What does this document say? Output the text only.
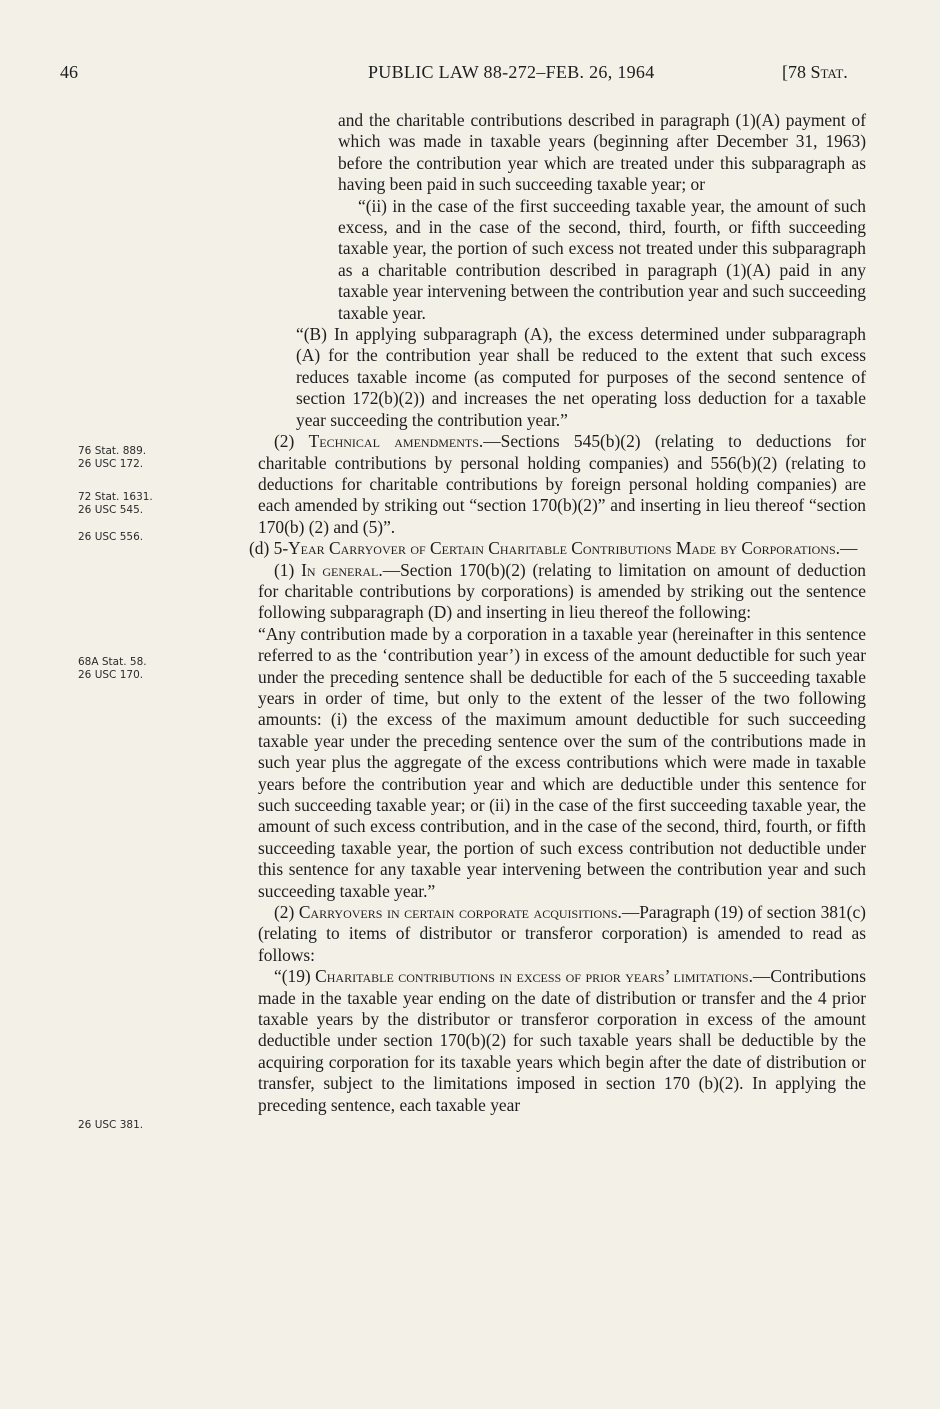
46	PUBLIC LAW 88-272–FEB. 26, 1964	[78 Stat.

and the charitable contributions described in paragraph (1)(A) payment of which was made in taxable years (beginning after December 31, 1963) before the contribution year which are treated under this subparagraph as having been paid in such succeeding taxable year; or

“(ii) in the case of the first succeeding taxable year, the amount of such excess, and in the case of the second, third, fourth, or fifth succeeding taxable year, the portion of such excess not treated under this subparagraph as a charitable contribution described in paragraph (1)(A) paid in any taxable year intervening between the contribution year and such succeeding taxable year.

“(B) In applying subparagraph (A), the excess determined under subparagraph (A) for the contribution year shall be reduced to the extent that such excess reduces taxable income (as computed for purposes of the second sentence of section 172(b)(2)) and increases the net operating loss deduction for a taxable year succeeding the contribution year.”

(2) Technical amendments.—Sections 545(b)(2) (relating to deductions for charitable contributions by personal holding companies) and 556(b)(2) (relating to deductions for charitable contributions by foreign personal holding companies) are each amended by striking out “section 170(b)(2)” and inserting in lieu thereof “section 170(b) (2) and (5)”.

(d) 5-Year Carryover of Certain Charitable Contributions Made by Corporations.—

(1) In general.—Section 170(b)(2) (relating to limitation on amount of deduction for charitable contributions by corporations) is amended by striking out the sentence following subparagraph (D) and inserting in lieu thereof the following:

“Any contribution made by a corporation in a taxable year (hereinafter in this sentence referred to as the ‘contribution year’) in excess of the amount deductible for such year under the preceding sentence shall be deductible for each of the 5 succeeding taxable years in order of time, but only to the extent of the lesser of the two following amounts: (i) the excess of the maximum amount deductible for such succeeding taxable year under the preceding sentence over the sum of the contributions made in such year plus the aggregate of the excess contributions which were made in taxable years before the contribution year and which are deductible under this sentence for such succeeding taxable year; or (ii) in the case of the first succeeding taxable year, the amount of such excess contribution, and in the case of the second, third, fourth, or fifth succeeding taxable year, the portion of such excess contribution not deductible under this sentence for any taxable year intervening between the contribution year and such succeeding taxable year.”

(2) Carryovers in certain corporate acquisitions.—Paragraph (19) of section 381(c) (relating to items of distributor or transferor corporation) is amended to read as follows:

“(19) Charitable contributions in excess of prior years’ limitations.—Contributions made in the taxable year ending on the date of distribution or transfer and the 4 prior taxable years by the distributor or transferor corporation in excess of the amount deductible under section 170(b)(2) for such taxable years shall be deductible by the acquiring corporation for its taxable years which begin after the date of distribution or transfer, subject to the limitations imposed in section 170 (b)(2). In applying the preceding sentence, each taxable year

76 Stat. 889.
26 USC 172.
72 Stat. 1631.
26 USC 545.
26 USC 556.
68A Stat. 58.
26 USC 170.
26 USC 381.
